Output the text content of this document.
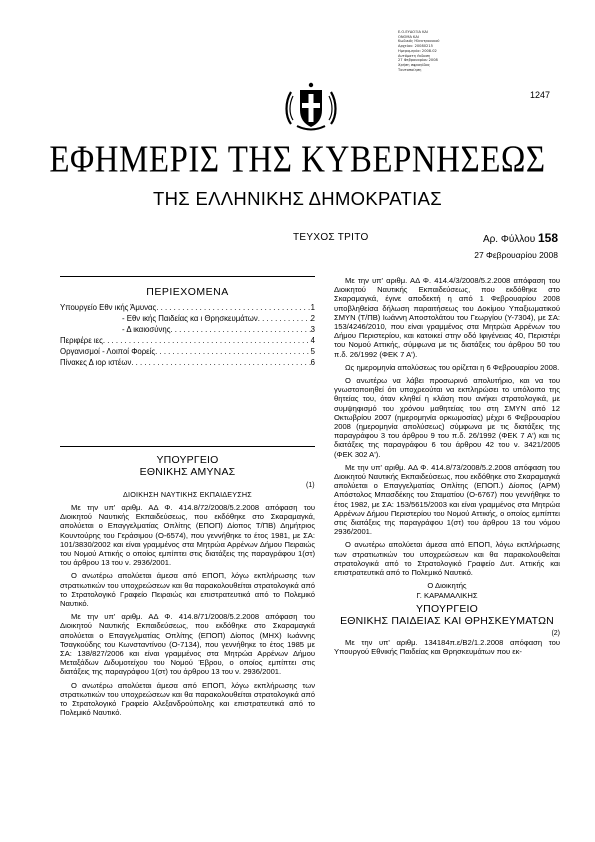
Ε.Ο.ΕΥΔΟΞΙΑ ΚΑΙ
ΟΝΟΜΑ ΚΑΙ
Κωδικός Ηλεκτρονικού
Αρχείου: 20080215
Ημερομηνία: 2008.02
Αυτόματη έκδοση
27 Φεβρουαρίου 2008
Χρήση σφραγίδας
Ταυτοποίηση
1247
ΕΦΗΜΕΡΙΣ ΤΗΣ ΚΥΒΕΡΝΗΣΕΩΣ
ΤΗΣ ΕΛΛΗΝΙΚΗΣ ΔΗΜΟΚΡΑΤΙΑΣ
ΤΕΥΧΟΣ ΤΡΙΤΟ	Αρ. Φύλλου 158
27 Φεβρουαρίου 2008
ΠΕΡΙΕΧΟΜΕΝΑ
Υπουργείο Εθν ικής Άμυνας . . .	1
- Εθν ικής Παιδείας κα ι Θρησκευμάτων . . .	2
- Δ ικαιοσύνης . . .	3
Περιφέρε ιες . . .	4
Οργανισμοί - Λοιποί Φορείς . . .	5
Πίνακες Δ ιορ ιστέων . . .	6
ΥΠΟΥΡΓΕΙΟ
ΕΘΝΙΚΗΣ ΑΜΥΝΑΣ
(1)
ΔΙΟΙΚΗΣΗ ΝΑΥΤΙΚΗΣ ΕΚΠΑΙΔΕΥΣΗΣ

Με την υπ' αριθμ. ΑΔ Φ. 414.8/72/2008/5.2.2008 απόφαση του Διοικητού Ναυτικής Εκπαιδεύσεως, που εκδόθηκε στο Σκαραμαγκά, απολύεται ο Επαγγελματίας Οπλίτης (ΕΠΟΠ) Δίοπος Τ/ΠΒ) Δημήτριος Κουντούρης του Γεράσιμου (Ο-6574), που γεννήθηκε το έτος 1981, με ΣΑ: 101/3830/2002 και είναι γραμμένος στα Μητρώα Αρρένων Δήμου Πειραιώς του Νομού Αττικής ο οποίος εμπίπτει στις διατάξεις της παραγράφου 1(στ) του άρθρου 13 του ν. 2936/2001.

Ο ανωτέρω απολύεται άμεσα από ΕΠΟΠ, λόγω εκπλήρωσης των στρατιωτικών του υποχρεώσεων και θα παρακολουθείται στρατολογικά από το Στρατολογικό Γραφείο Πειραιώς και επιστρατευτικά από το Πολεμικό Ναυτικό.

Με την υπ' αριθμ. ΑΔ Φ. 414.8/71/2008/5.2.2008 απόφαση του Διοικητού Ναυτικής Εκπαιδεύσεως, που εκδόθηκε στο Σκαραμαγκά απολύεται ο Επαγγελματίας Οπλίτης (ΕΠΟΠ) Δίοπος (ΜΗΧ) Ιωάννης Τσαγκούδης του Κωνσταντίνου (Ο-7134), που γεννήθηκε το έτος 1985 με ΣΑ: 138/827/2006 και είναι γραμμένος στα Μητρώα Αρρένων Δήμου Μεταξάδων Διδυμοτείχου του Νομού Έβρου, ο οποίος εμπίπτει στις διατάξεις της παραγράφου 1(στ) του άρθρου 13 του ν. 2936/2001.

Ο ανωτέρω απολύεται άμεσα από ΕΠΟΠ, λόγω εκπλήρωσης των στρατιωτικών του υποχρεώσεων και θα παρακολουθείται στρατολογικά από το Στρατολογικό Γραφείο Αλεξανδρούπολης και επιστρατευτικά από το Πολεμικό Ναυτικό.

Με την υπ' αριθμ. ΑΔ Φ. 414.4/3/2008/5.2.2008 απόφαση του Διοικητού Ναυτικής Εκπαιδεύσεως, που εκδόθηκε στο Σκαραμαγκά, έγινε αποδεκτή η από 1 Φεβρουαρίου 2008 υποβληθείσα δήλωση παραιτήσεως του Δοκίμου Υπαξιωματικού ΣΜΥΝ (Τ/ΠΒ) Ιωάννη Αποστολάτου του Γεωργίου (Υ-7304), με ΣΑ: 153/4246/2010, που είναι γραμμένος στα Μητρώα Αρρένων του Δήμου Περιστερίου, και κατοικεί στην οδό Ιφιγένειας 40, Περιστέρι του Νομού Αττικής, σύμφωνα με τις διατάξεις του άρθρου 50 του π.δ. 26/1992 (ΦΕΚ 7 Α').

Ως ημερομηνία απολύσεως του ορίζεται η 6 Φεβρουαρίου 2008.

Ο ανωτέρω να λάβει προσωρινό απολυτήριο, και να του γνωστοποιηθεί ότι υποχρεούται να εκπληρώσει το υπόλοιπο της θητείας του, όταν κληθεί η κλάση που ανήκει στρατολογικά, με συμψηφισμό του χρόνου μαθητείας του στη ΣΜΥΝ από 12 Οκτωβρίου 2007 (ημερομηνία ορκωμοσίας) μέχρι 6 Φεβρουαρίου 2008 (ημερομηνία απολύσεως) σύμφωνα με τις διατάξεις της παραγράφου 3 του άρθρου 9 του π.δ. 26/1992 (ΦΕΚ 7 Α') και τις διατάξεις της παραγράφου 6 του άρθρου 42 του ν. 3421/2005 (ΦΕΚ 302 Α').

Με την υπ' αριθμ. ΑΔ Φ. 414.8/73/2008/5.2.2008 απόφαση του Διοικητού Ναυτικής Εκπαιδεύσεως, που εκδόθηκε στο Σκαραμαγκά απολύεται ο Επαγγελματίας Οπλίτης (ΕΠΟΠ.) Δίοπος (ΑΡΜ) Απόστολος Μπασδέκης του Σταματίου (Ο-6767) που γεννήθηκε το έτος 1982, με ΣΑ: 153/5615/2003 και είναι γραμμένος στα Μητρώα Αρρένων Δήμου Περιστερίου του Νομού Αττικής, ο οποίος εμπίπτει στις διατάξεις της παραγράφου 1(στ) του άρθρου 13 του νόμου 2936/2001.

Ο ανωτέρω απολύεται άμεσα από ΕΠΟΠ, λόγω εκπλήρωσης των στρατιωτικών του υποχρεώσεων και θα παρακολουθείται στρατολογικά από το Στρατολογικό Γραφείο Δυτ. Αττικής και επιστρατευτικά από το Πολεμικό Ναυτικό.

Ο Διοικητής
Γ. ΚΑΡΑΜΑΛΙΚΗΣ
ΥΠΟΥΡΓΕΙΟ
ΕΘΝΙΚΗΣ ΠΑΙΔΕΙΑΣ ΚΑΙ ΘΡΗΣΚΕΥΜΑΤΩΝ
(2)

Με την υπ' αριθμ. 134184π.ε/Β2/1.2.2008 απόφαση του Υπουργού Εθνικής Παιδείας και Θρησκευμάτων που εκ-
